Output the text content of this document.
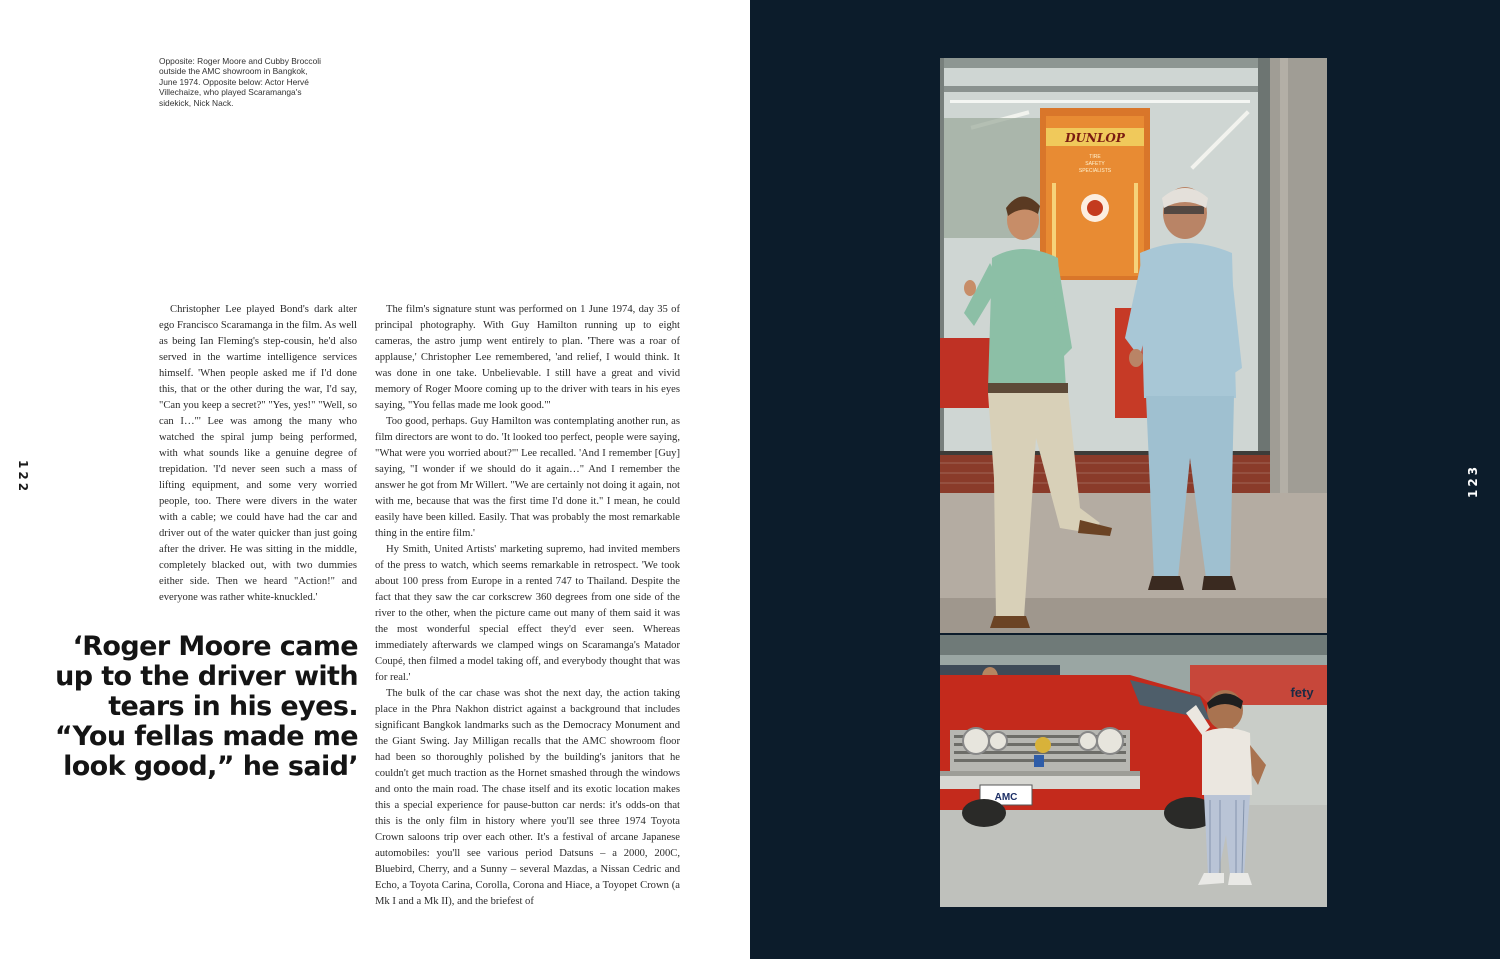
Opposite: Roger Moore and Cubby Broccoli outside the AMC showroom in Bangkok, June 1974. Opposite below: Actor Hervé Villechaize, who played Scaramanga's sidekick, Nick Nack.

122

Christopher Lee played Bond's dark alter ego Francisco Scaramanga in the film. As well as being Ian Fleming's step-cousin, he'd also served in the wartime intelligence services himself. 'When people asked me if I'd done this, that or the other during the war, I'd say, "Can you keep a secret?" "Yes, yes!" "Well, so can I…"' Lee was among the many who watched the spiral jump being performed, with what sounds like a genuine degree of trepidation. 'I'd never seen such a mass of lifting equipment, and some very worried people, too. There were divers in the water with a cable; we could have had the car and driver out of the water quicker than just going after the driver. He was sitting in the middle, completely blacked out, with two dummies either side. Then we heard "Action!" and everyone was rather white-knuckled.'

‘Roger Moore came up to the driver with tears in his eyes. “You fellas made me look good,” he said’

The film's signature stunt was performed on 1 June 1974, day 35 of principal photography. With Guy Hamilton running up to eight cameras, the astro jump went entirely to plan. 'There was a roar of applause,' Christopher Lee remembered, 'and relief, I would think. It was done in one take. Unbelievable. I still have a great and vivid memory of Roger Moore coming up to the driver with tears in his eyes saying, "You fellas made me look good."'

Too good, perhaps. Guy Hamilton was contemplating another run, as film directors are wont to do. 'It looked too perfect, people were saying, "What were you worried about?"' Lee recalled. 'And I remember [Guy] saying, "I wonder if we should do it again…" And I remember the answer he got from Mr Willert. "We are certainly not doing it again, not with me, because that was the first time I'd done it." I mean, he could easily have been killed. Easily. That was probably the most remarkable thing in the entire film.'

Hy Smith, United Artists' marketing supremo, had invited members of the press to watch, which seems remarkable in retrospect. 'We took about 100 press from Europe in a rented 747 to Thailand. Despite the fact that they saw the car corkscrew 360 degrees from one side of the river to the other, when the picture came out many of them said it was the most wonderful special effect they'd ever seen. Whereas immediately afterwards we clamped wings on Scaramanga's Matador Coupé, then filmed a model taking off, and everybody thought that was for real.'

The bulk of the car chase was shot the next day, the action taking place in the Phra Nakhon district against a background that includes significant Bangkok landmarks such as the Democracy Monument and the Giant Swing. Jay Milligan recalls that the AMC showroom floor had been so thoroughly polished by the building's janitors that he couldn't get much traction as the Hornet smashed through the windows and onto the main road. The chase itself and its exotic location makes this a special experience for pause-button car nerds: it's odds-on that this is the only film in history where you'll see three 1974 Toyota Crown saloons trip over each other. It's a festival of arcane Japanese automobiles: you'll see various period Datsuns – a 2000, 200C, Bluebird, Cherry, and a Sunny – several Mazdas, a Nissan Cedric and Echo, a Toyota Carina, Corolla, Corona and Hiace, a Toyopet Crown (a Mk I and a Mk II), and the briefest of

123
DUNLOP
TIRE
SAFETY
SPECIALISTS
fety
AMC
